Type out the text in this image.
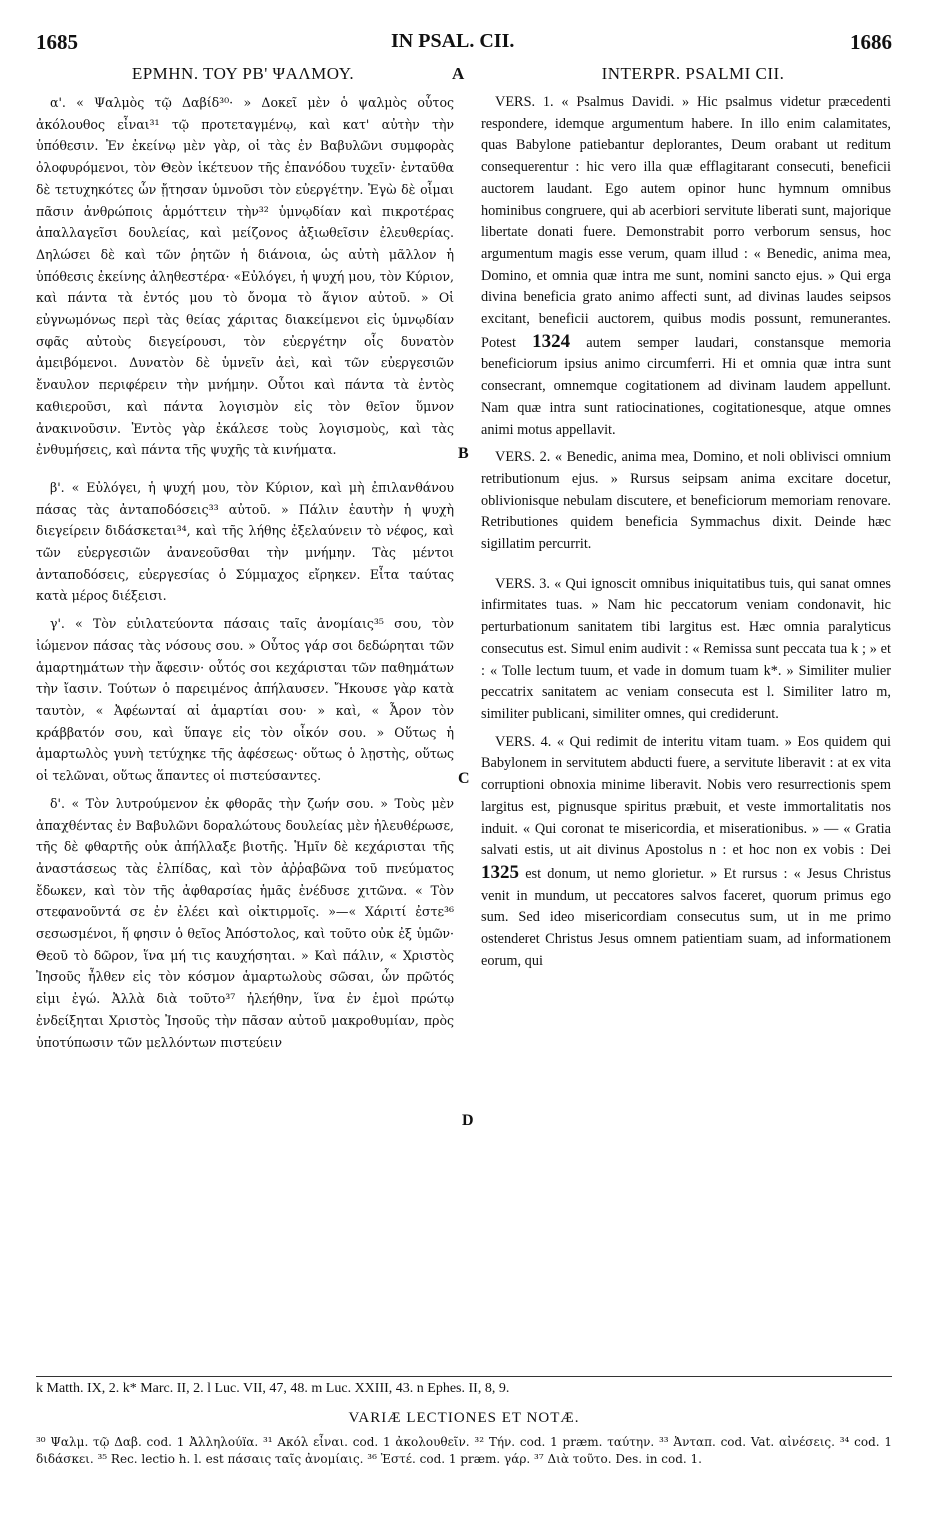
1685	IN PSAL. CII.	1686
ΕΡΜΗΝ. ΤΟΥ ΡΒ' ΨΑΛΜΟΥ.	A	INTERPR. PSALMI CII.

α'. « Ψαλμὸς τῷ Δαβίδ³⁰· » Δοκεῖ μὲν ὁ ψαλμὸς οὗτος ἀκόλουθος εἶναι³¹ τῷ προτεταγμένῳ, καὶ κατ' αὐτὴν τὴν ὑπόθεσιν. Ἐν ἐκείνῳ μὲν γὰρ, οἱ τὰς ἐν Βαβυλῶνι συμφορὰς ὀλοφυρόμενοι, τὸν Θεὸν ἱκέτευον τῆς ἐπανόδου τυχεῖν· ἐνταῦθα δὲ τετυχηκότες ὧν ᾔτησαν ὑμνοῦσι τὸν εὐεργέτην. Ἐγὼ δὲ οἶμαι πᾶσιν ἀνθρώποις ἁρμόττειν τὴν³² ὑμνῳδίαν καὶ πικροτέρας ἀπαλλαγεῖσι δουλείας, καὶ μείζονος ἀξιωθεῖσιν ἐλευθερίας. Δηλώσει δὲ καὶ τῶν ῥητῶν ἡ διάνοια, ὡς αὐτὴ μᾶλλον ἡ ὑπόθεσις ἐκείνης ἀληθεστέρα· «Εὐλόγει, ἡ ψυχή μου, τὸν Κύριον, καὶ πάντα τὰ ἐντός μου τὸ ὄνομα τὸ ἅγιον αὐτοῦ. » Οἱ εὐγνωμόνως περὶ τὰς θείας χάριτας διακείμενοι εἰς ὑμνῳδίαν σφᾶς αὐτοὺς διεγείρουσι, τὸν εὐεργέτην οἷς δυνατὸν ἀμειβόμενοι. Δυνατὸν δὲ ὑμνεῖν ἀεὶ, καὶ τῶν εὐεργεσιῶν ἔναυλον περιφέρειν τὴν μνήμην. Οὗτοι καὶ πάντα τὰ ἐντὸς καθιεροῦσι, καὶ πάντα λογισμὸν εἰς τὸν θεῖον ὕμνον ἀνακινοῦσιν. Ἐντὸς γὰρ ἐκάλεσε τοὺς λογισμοὺς, καὶ τὰς ἐνθυμήσεις, καὶ πάντα τῆς ψυχῆς τὰ κινήματα.

β'. « Εὐλόγει, ἡ ψυχή μου, τὸν Κύριον, καὶ μὴ ἐπιλανθάνου πάσας τὰς ἀνταποδόσεις³³ αὐτοῦ. » Πάλιν ἑαυτὴν ἡ ψυχὴ διεγείρειν διδάσκεται³⁴, καὶ τῆς λήθης ἐξελαύνειν τὸ νέφος, καὶ τῶν εὐεργεσιῶν ἀνανεοῦσθαι τὴν μνήμην. Τὰς μέντοι ἀνταποδόσεις, εὐεργεσίας ὁ Σύμμαχος εἴρηκεν. Εἶτα ταύτας κατὰ μέρος διέξεισι.

γ'. « Τὸν εὐιλατεύοντα πάσαις ταῖς ἀνομίαις³⁵ σου, τὸν ἰώμενον πάσας τὰς νόσους σου. » Οὗτος γάρ σοι δεδώρηται τῶν ἁμαρτημάτων τὴν ἄφεσιν· οὗτός σοι κεχάρισται τῶν παθημάτων τὴν ἴασιν. Τούτων ὁ παρειμένος ἀπήλαυσεν. Ἤκουσε γὰρ κατὰ ταυτὸν, « Ἀφέωνταί αἱ ἁμαρτίαι σου· » καὶ, « Ἆρον τὸν κράββατόν σου, καὶ ὕπαγε εἰς τὸν οἶκόν σου. » Οὕτως ἡ ἁμαρτωλὸς γυνὴ τετύχηκε τῆς ἀφέσεως· οὕτως ὁ λῃστὴς, οὕτως οἱ τελῶναι, οὕτως ἅπαντες οἱ πιστεύσαντες.

δ'. « Τὸν λυτρούμενον ἐκ φθορᾶς τὴν ζωήν σου. » Τοὺς μὲν ἀπαχθέντας ἐν Βαβυλῶνι δοραλώτους δουλείας μὲν ἠλευθέρωσε, τῆς δὲ φθαρτῆς οὐκ ἀπήλλαξε βιοτῆς. Ἡμῖν δὲ κεχάρισται τῆς ἀναστάσεως τὰς ἐλπίδας, καὶ τὸν ἀῤῥαβῶνα τοῦ πνεύματος ἔδωκεν, καὶ τὸν τῆς ἀφθαρσίας ἡμᾶς ἐνέδυσε χιτῶνα. « Τὸν στεφανοῦντά σε ἐν ἐλέει καὶ οἰκτιρμοῖς. »—« Χάριτί ἐστε³⁶ σεσωσμένοι, ἥ φησιν ὁ θεῖος Ἀπόστολος, καὶ τοῦτο οὐκ ἐξ ὑμῶν· Θεοῦ τὸ δῶρον, ἵνα μή τις καυχήσηται. » Καὶ πάλιν, « Χριστὸς Ἰησοῦς ἦλθεν εἰς τὸν κόσμον ἁμαρτωλοὺς σῶσαι, ὧν πρῶτός εἰμι ἐγώ. Ἀλλὰ διὰ τοῦτο³⁷ ἠλεήθην, ἵνα ἐν ἐμοὶ πρώτῳ ἐνδείξηται Χριστὸς Ἰησοῦς τὴν πᾶσαν αὐτοῦ μακροθυμίαν, πρὸς ὑποτύπωσιν τῶν μελλόντων πιστεύειν

B
C
D

VERS. 1. « Psalmus Davidi. » Hic psalmus videtur præcedenti respondere, idemque argumentum habere. In illo enim calamitates, quas Babylone patiebantur deplorantes, Deum orabant ut reditum consequerentur : hic vero illa quæ efflagitarant consecuti, beneficii auctorem laudant. Ego autem opinor hunc hymnum omnibus hominibus congruere, qui ab acerbiori servitute liberati sunt, majorique libertate donati fuere. Demonstrabit porro verborum sensus, hoc argumentum magis esse verum, quam illud : « Benedic, anima mea, Domino, et omnia quæ intra me sunt, nomini sancto ejus. » Qui erga divina beneficia grato animo affecti sunt, ad divinas laudes seipsos excitant, beneficii auctorem, quibus modis possunt, remunerantes. Potest 1324 autem semper laudari, constansque memoria beneficiorum ipsius animo circumferri. Hi et omnia quæ intra sunt consecrant, omnemque cogitationem ad divinam laudem appellunt. Nam quæ intra sunt ratiocinationes, cogitationesque, atque omnes animi motus appellavit.

VERS. 2. « Benedic, anima mea, Domino, et noli oblivisci omnium retributionum ejus. » Rursus seipsam anima excitare docetur, oblivionisque nebulam discutere, et beneficiorum memoriam renovare. Retributiones quidem beneficia Symmachus dixit. Deinde hæc sigillatim percurrit.

VERS. 3. « Qui ignoscit omnibus iniquitatibus tuis, qui sanat omnes infirmitates tuas. » Nam hic peccatorum veniam condonavit, hic perturbationum sanitatem tibi largitus est. Hæc omnia paralyticus consecutus est. Simul enim audivit : « Remissa sunt peccata tua k ; » et : « Tolle lectum tuum, et vade in domum tuam k*. » Similiter mulier peccatrix sanitatem ac veniam consecuta est l. Similiter latro m, similiter publicani, similiter omnes, qui crediderunt.

VERS. 4. « Qui redimit de interitu vitam tuam. » Eos quidem qui Babylonem in servitutem abducti fuere, a servitute liberavit : at ex vita corruptioni obnoxia minime liberavit. Nobis vero resurrectionis spem largitus est, pignusque spiritus præbuit, et veste immortalitatis nos induit. « Qui coronat te misericordia, et miserationibus. » — « Gratia salvati estis, ut ait divinus Apostolus n : et hoc non ex vobis : Dei 1325 est donum, ut nemo glorietur. » Et rursus : « Jesus Christus venit in mundum, ut peccatores salvos faceret, quorum primus ego sum. Sed ideo misericordiam consecutus sum, ut in me primo ostenderet Christus Jesus omnem patientiam suam, ad informationem eorum, qui

k Matth. IX, 2. k* Marc. II, 2. l Luc. VII, 47, 48. m Luc. XXIII, 43. n Ephes. II, 8, 9.
VARIÆ LECTIONES ET NOTÆ.
³⁰ Ψαλμ. τῷ Δαβ. cod. 1 Ἀλληλούïα. ³¹ Ακόλ εἶναι. cod. 1 ἀκολουθεῖν. ³² Τήν. cod. 1 præm. ταύτην. ³³ Ἀνταπ. cod. Vat. αἰνέσεις. ³⁴ cod. 1 διδάσκει. ³⁵ Rec. lectio h. l. est πάσαις ταῖς ἀνομίαις. ³⁶ Ἐστέ. cod. 1 præm. γάρ. ³⁷ Διὰ τοῦτο. Des. in cod. 1.
